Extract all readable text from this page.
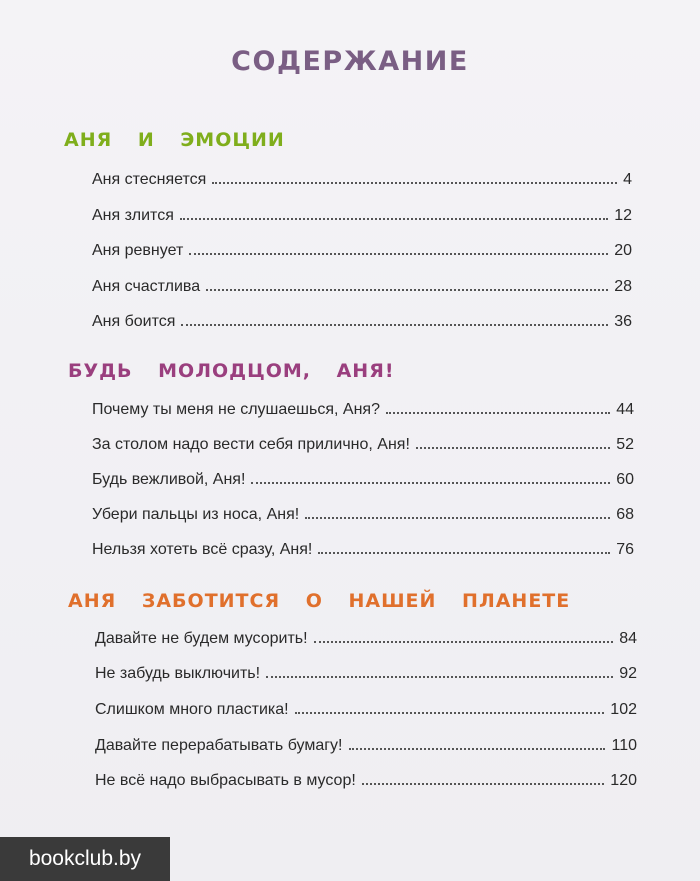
СОДЕРЖАНИЕ
АНЯ И ЭМОЦИИ
Аня стесняется	4
Аня злится	12
Аня ревнует	20
Аня счастлива	28
Аня боится	36
БУДЬ МОЛОДЦОМ, АНЯ!
Почему ты меня не слушаешься, Аня?	44
За столом надо вести себя прилично, Аня!	52
Будь вежливой, Аня!	60
Убери пальцы из носа, Аня!	68
Нельзя хотеть всё сразу, Аня!	76
АНЯ ЗАБОТИТСЯ О НАШЕЙ ПЛАНЕТЕ
Давайте не будем мусорить!	84
Не забудь выключить!	92
Слишком много пластика!	102
Давайте перерабатывать бумагу!	110
Не всё надо выбрасывать в мусор!	120
bookclub.by
